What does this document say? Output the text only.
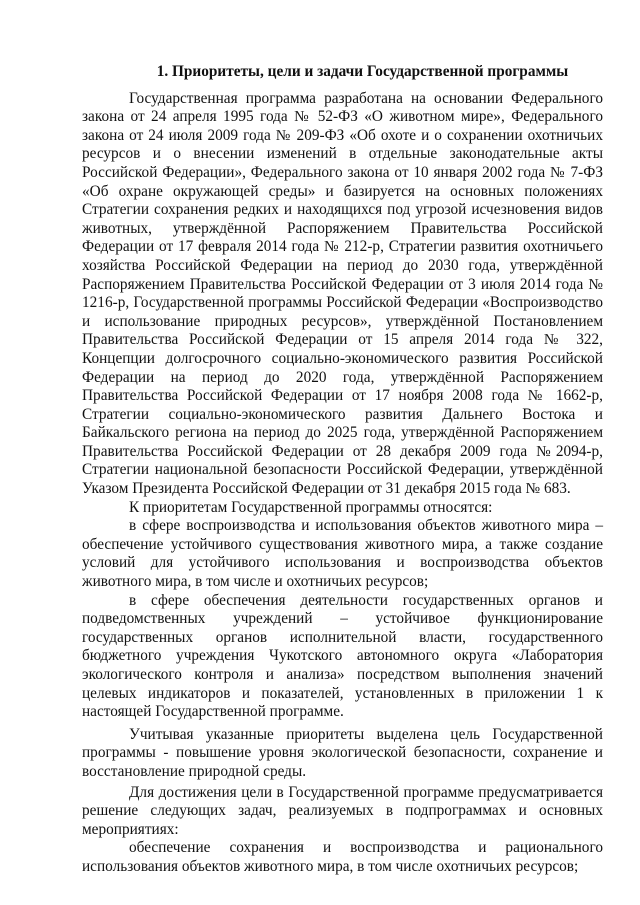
1. Приоритеты, цели и задачи Государственной программы

Государственная программа разработана на основании Федерального закона от 24 апреля 1995 года № 52-ФЗ «О животном мире», Федерального закона от 24 июля 2009 года № 209-ФЗ «Об охоте и о сохранении охотничьих ресурсов и о внесении изменений в отдельные законодательные акты Российской Федерации», Федерального закона от 10 января 2002 года № 7-ФЗ «Об охране окружающей среды» и базируется на основных положениях Стратегии сохранения редких и находящихся под угрозой исчезновения видов животных, утверждённой Распоряжением Правительства Российской Федерации от 17 февраля 2014 года № 212-р, Стратегии развития охотничьего хозяйства Российской Федерации на период до 2030 года, утверждённой Распоряжением Правительства Российской Федерации от 3 июля 2014 года № 1216-р, Государственной программы Российской Федерации «Воспроизводство и использование природных ресурсов», утверждённой Постановлением Правительства Российской Федерации от 15 апреля 2014 года № 322, Концепции долгосрочного социально-экономического развития Российской Федерации на период до 2020 года, утверждённой Распоряжением Правительства Российской Федерации от 17 ноября 2008 года № 1662-р, Стратегии социально-экономического развития Дальнего Востока и Байкальского региона на период до 2025 года, утверждённой Распоряжением Правительства Российской Федерации от 28 декабря 2009 года №2094-р, Стратегии национальной безопасности Российской Федерации, утверждённой Указом Президента Российской Федерации от 31 декабря 2015 года № 683.

К приоритетам Государственной программы относятся:

в сфере воспроизводства и использования объектов животного мира – обеспечение устойчивого существования животного мира, а также создание условий для устойчивого использования и воспроизводства объектов животного мира, в том числе и охотничьих ресурсов;

в сфере обеспечения деятельности государственных органов и подведомственных учреждений – устойчивое функционирование государственных органов исполнительной власти, государственного бюджетного учреждения Чукотского автономного округа «Лаборатория экологического контроля и анализа» посредством выполнения значений целевых индикаторов и показателей, установленных в приложении 1 к настоящей Государственной программе.

Учитывая указанные приоритеты выделена цель Государственной программы - повышение уровня экологической безопасности, сохранение и восстановление природной среды.

Для достижения цели в Государственной программе предусматривается решение следующих задач, реализуемых в подпрограммах и основных мероприятиях:

обеспечение сохранения и воспроизводства и рационального использования объектов животного мира, в том числе охотничьих ресурсов;
